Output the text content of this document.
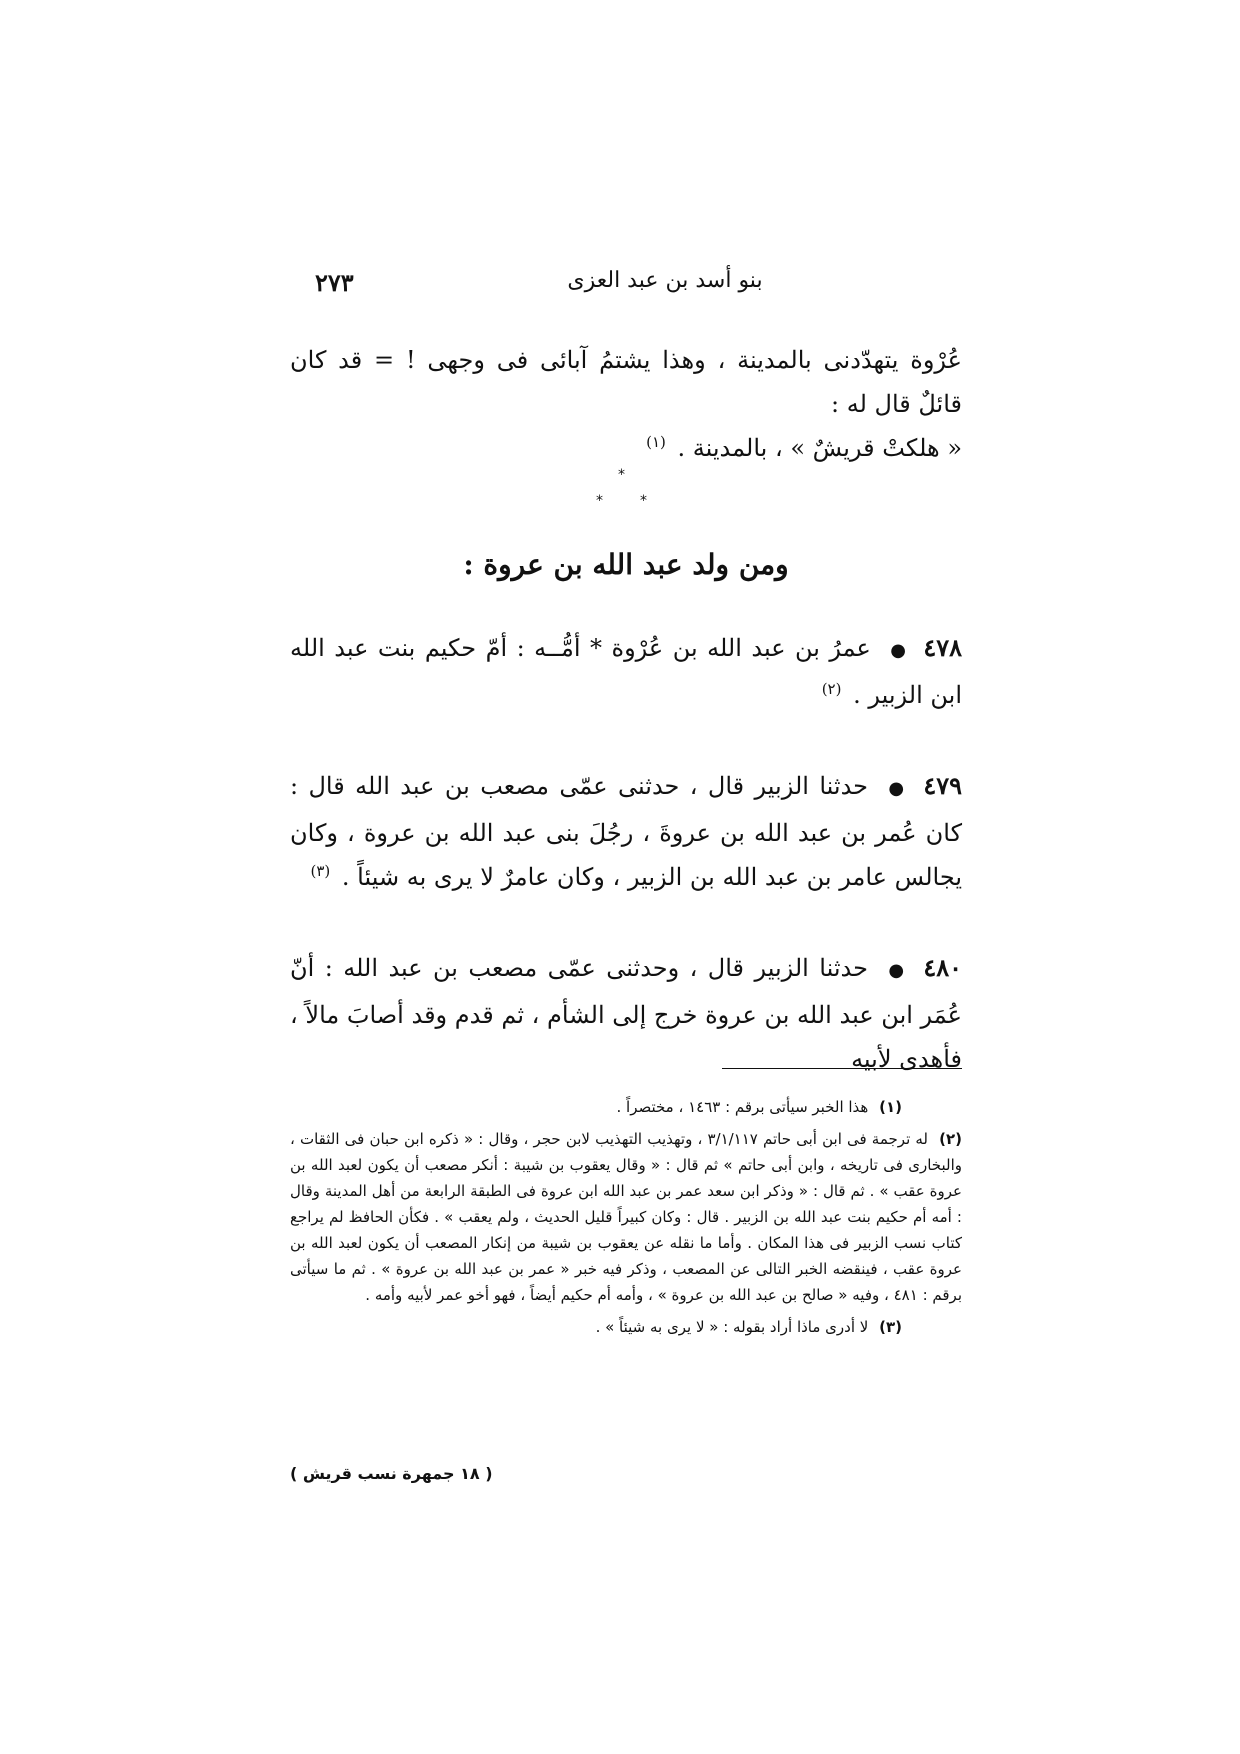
٢٧٣	بنو أسد بن عبد العزى

عُرْوة يتهدّدنى بالمدينة ، وهذا يشتمُ آبائى فى وجهى ! = قد كان قائلٌ قال له :

« هلكتْ قريشٌ » ، بالمدينة . $^{(١)}$

*
*	*
ومن ولد عبد الله بن عروة :

٤٧٨ ● عمرُ بن عبد الله بن عُرْوة * أمُّــه : أمّ حكيم بنت عبد الله ابن الزبير . $^{(٢)}$

٤٧٩ ● حدثنا الزبير قال ، حدثنى عمّى مصعب بن عبد الله قال : كان عُمر بن عبد الله بن عروةَ ، رجُلَ بنى عبد الله بن عروة ، وكان يجالس عامر بن عبد الله بن الزبير ، وكان عامرٌ لا يرى به شيئاً . $^{(٣)}$

٤٨٠ ● حدثنا الزبير قال ، وحدثنى عمّى مصعب بن عبد الله : أنّ عُمَر ابن عبد الله بن عروة خرج إلى الشأم ، ثم قدم وقد أصابَ مالاً ، فأهدى لأبيه

(١) هذا الخبر سيأتى برقم : ١٤٦٣ ، مختصراً .

(٢) له ترجمة فى ابن أبى حاتم ٣/١/١١٧ ، وتهذيب التهذيب لابن حجر ، وقال : « ذكره ابن حبان فى الثقات ، والبخارى فى تاريخه ، وابن أبى حاتم » ثم قال : « وقال يعقوب بن شيبة : أنكر مصعب أن يكون لعبد الله بن عروة عقب » . ثم قال : « وذكر ابن سعد عمر بن عبد الله ابن عروة فى الطبقة الرابعة من أهل المدينة وقال : أمه أم حكيم بنت عبد الله بن الزبير . قال : وكان كبيراً قليل الحديث ، ولم يعقب » . فكأن الحافظ لم يراجع كتاب نسب الزبير فى هذا المكان . وأما ما نقله عن يعقوب بن شيبة من إنكار المصعب أن يكون لعبد الله بن عروة عقب ، فينقضه الخبر التالى عن المصعب ، وذكر فيه خبر « عمر بن عبد الله بن عروة » . ثم ما سيأتى برقم : ٤٨١ ، وفيه « صالح بن عبد الله بن عروة » ، وأمه أم حكيم أيضاً ، فهو أخو عمر لأبيه وأمه .

(٣) لا أدرى ماذا أراد بقوله : « لا يرى به شيئاً » .

( ١٨ جمهرة نسب قريش )
